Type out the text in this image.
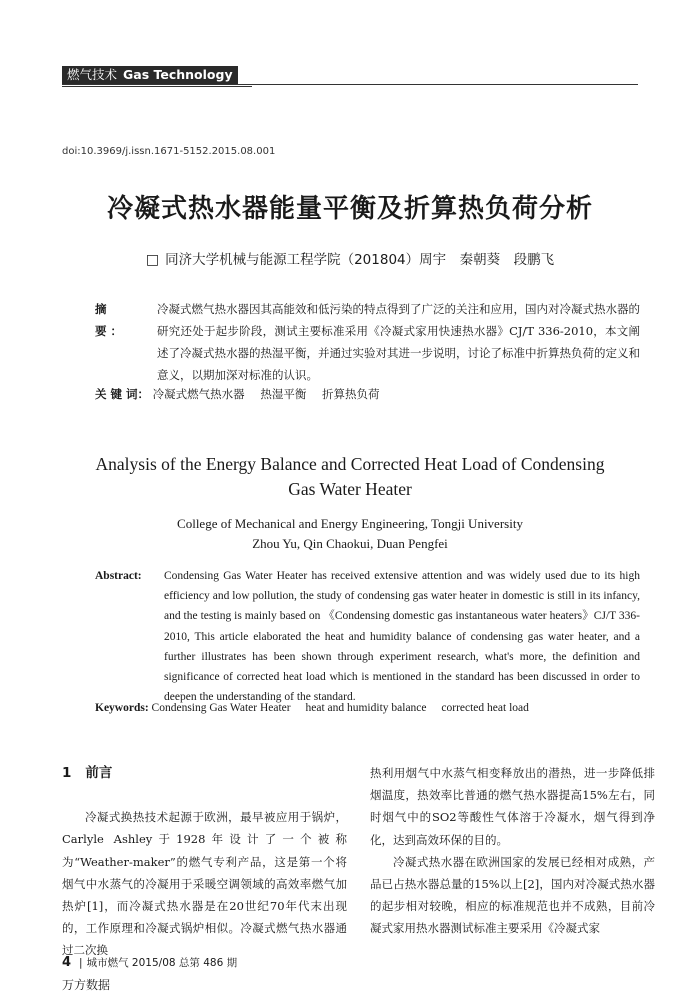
燃气技术 Gas Technology
doi:10.3969/j.issn.1671-5152.2015.08.001
冷凝式热水器能量平衡及折算热负荷分析
□ 同济大学机械与能源工程学院（201804）周宇　秦朝葵　段鹏飞
摘　要：
冷凝式燃气热水器因其高能效和低污染的特点得到了广泛的关注和应用，国内对冷凝式热水器的研究还处于起步阶段，测试主要标准采用《冷凝式家用快速热水器》CJ/T 336-2010，本文阐述了冷凝式热水器的热湿平衡，并通过实验对其进一步说明，讨论了标准中折算热负荷的定义和意义，以期加深对标准的认识。
关 键 词： 冷凝式燃气热水器 热湿平衡 折算热负荷
Analysis of the Energy Balance and Corrected Heat Load of Condensing Gas Water Heater
College of Mechanical and Energy Engineering, Tongji University
Zhou Yu, Qin Chaokui, Duan Pengfei
Abstract: Condensing Gas Water Heater has received extensive attention and was widely used due to its high efficiency and low pollution, the study of condensing gas water heater in domestic is still in its infancy, and the testing is mainly based on 《Condensing domestic gas instantaneous water heaters》CJ/T 336-2010, This article elaborated the heat and humidity balance of condensing gas water heater, and a further illustrates has been shown through experiment research, what's more, the definition and significance of corrected heat load which is mentioned in the standard has been discussed in order to deepen the understanding of the standard.
Keywords: Condensing Gas Water Heater heat and humidity balance corrected heat load
1 前言

冷凝式换热技术起源于欧洲，最早被应用于锅炉，Carlyle Ashley于1928年设计了一个被称为“Weather-maker”的燃气专利产品，这是第一个将烟气中水蒸气的冷凝用于采暖空调领域的高效率燃气加热炉[1]，而冷凝式热水器是在20世纪70年代末出现的，工作原理和冷凝式锅炉相似。冷凝式燃气热水器通过二次换

热利用烟气中水蒸气相变释放出的潜热，进一步降低排烟温度，热效率比普通的燃气热水器提高15%左右，同时烟气中的SO2等酸性气体溶于冷凝水，烟气得到净化，达到高效环保的目的。

冷凝式热水器在欧洲国家的发展已经相对成熟，产品已占热水器总量的15%以上[2]，国内对冷凝式热水器的起步相对较晚，相应的标准规范也并不成熟，目前冷凝式家用热水器测试标准主要采用《冷凝式家

4 | 城市燃气 2015/08 总第 486 期
万方数据
